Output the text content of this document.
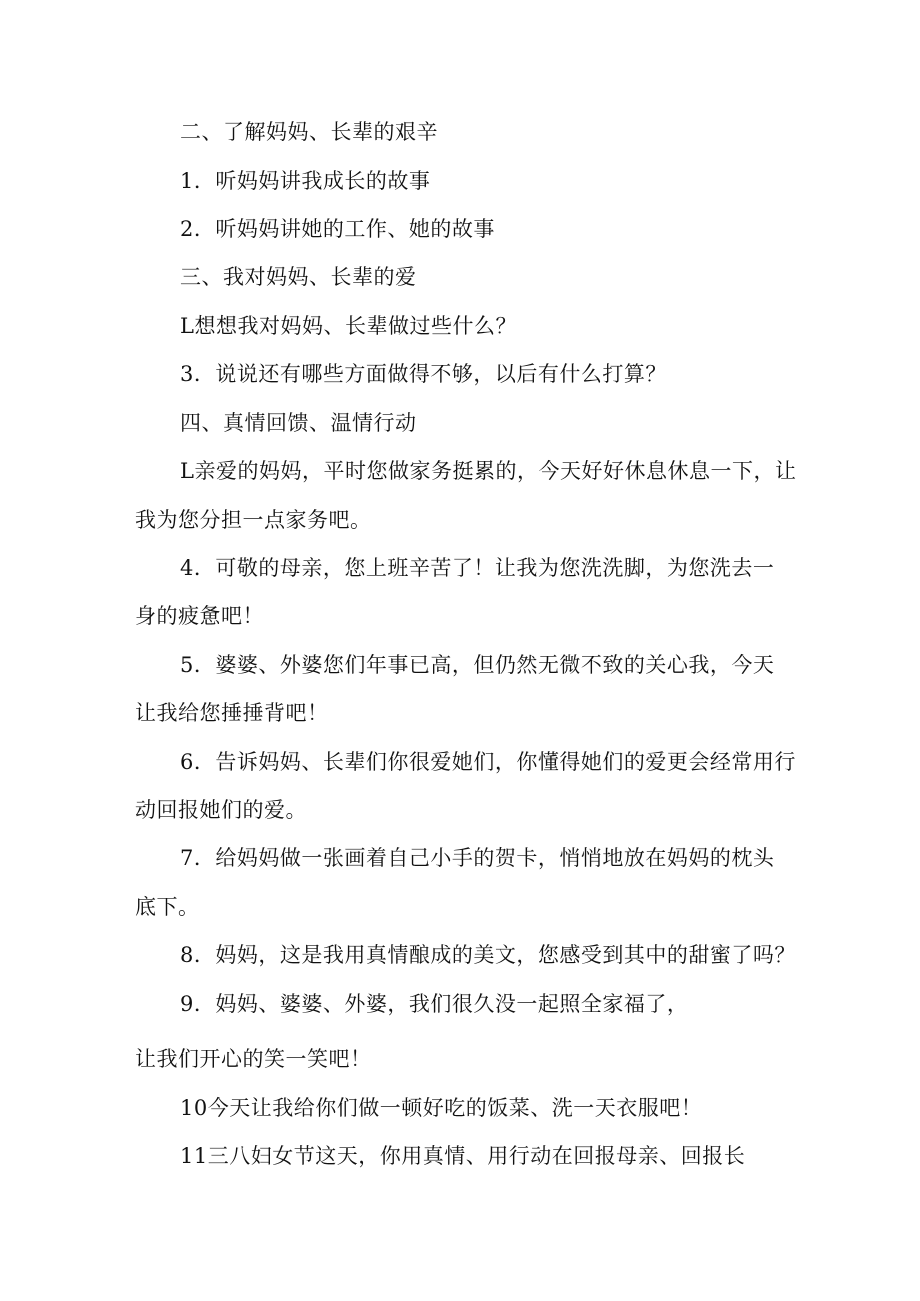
二、了解妈妈、长辈的艰辛
1．听妈妈讲我成长的故事
2．听妈妈讲她的工作、她的故事
三、我对妈妈、长辈的爱
L想想我对妈妈、长辈做过些什么？
3．说说还有哪些方面做得不够，以后有什么打算？
四、真情回馈、温情行动
L亲爱的妈妈，平时您做家务挺累的，今天好好休息休息一下，让
我为您分担一点家务吧。
4．可敬的母亲，您上班辛苦了！让我为您洗洗脚，为您洗去一
身的疲惫吧！
5．婆婆、外婆您们年事已高，但仍然无微不致的关心我，今天
让我给您捶捶背吧！
6．告诉妈妈、长辈们你很爱她们，你懂得她们的爱更会经常用行
动回报她们的爱。
7．给妈妈做一张画着自己小手的贺卡，悄悄地放在妈妈的枕头
底下。
8．妈妈，这是我用真情酿成的美文，您感受到其中的甜蜜了吗？
9．妈妈、婆婆、外婆，我们很久没一起照全家福了，
让我们开心的笑一笑吧！
10今天让我给你们做一顿好吃的饭菜、洗一天衣服吧！
11三八妇女节这天，你用真情、用行动在回报母亲、回报长
